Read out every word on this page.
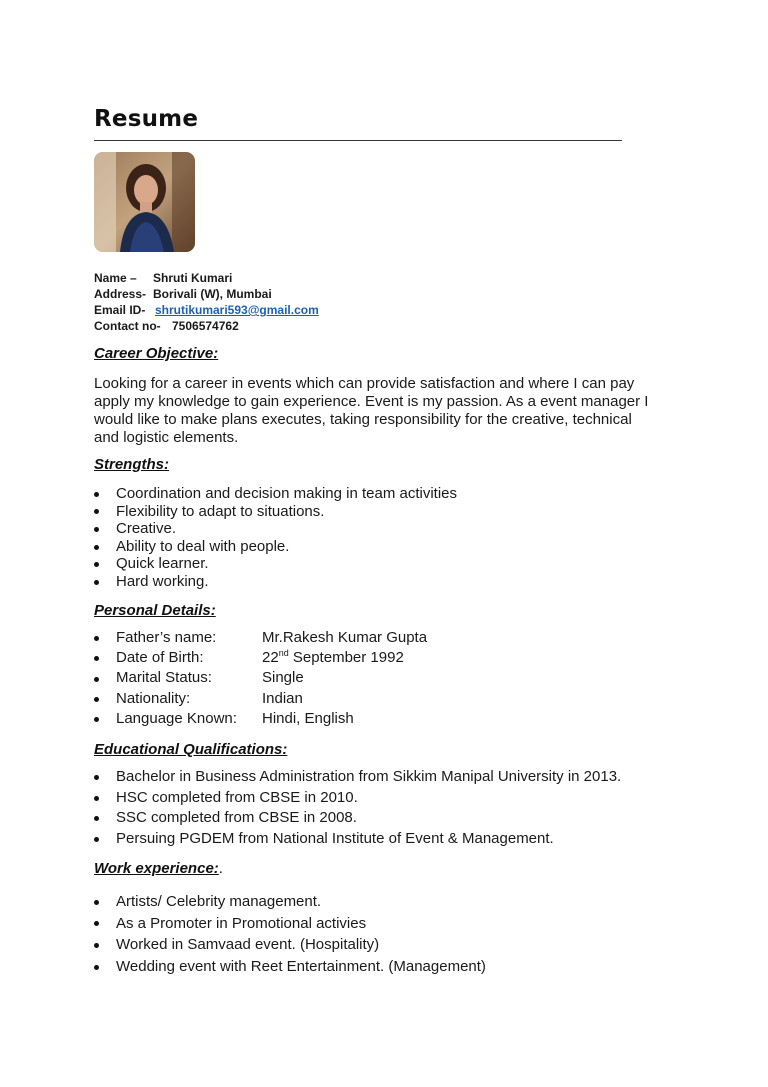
Resume
Name – Shruti Kumari
Address- Borivali (W), Mumbai
Email ID- shrutikumari593@gmail.com
Contact no- 7506574762
Career Objective:
Looking for a career in events which can provide satisfaction and where I can pay
apply my knowledge to gain experience. Event is my passion. As a event manager I
would like to make plans executes, taking responsibility for the creative, technical
and logistic elements.
Strengths:
Coordination and decision making in team activities
Flexibility to adapt to situations.
Creative.
Ability to deal with people.
Quick learner.
Hard working.
Personal Details:
Father’s name:	Mr.Rakesh Kumar Gupta
Date of Birth:	22nd September 1992
Marital Status:	Single
Nationality:	Indian
Language Known: Hindi, English
Educational Qualifications:
Bachelor in Business Administration from Sikkim Manipal University in 2013.
HSC completed from CBSE in 2010.
SSC completed from CBSE in 2008.
Persuing PGDEM from National Institute of Event & Management.
Work experience:.
Artists/ Celebrity management.
As a Promoter in Promotional activies
Worked in Samvaad event. (Hospitality)
Wedding event with Reet Entertainment. (Management)
